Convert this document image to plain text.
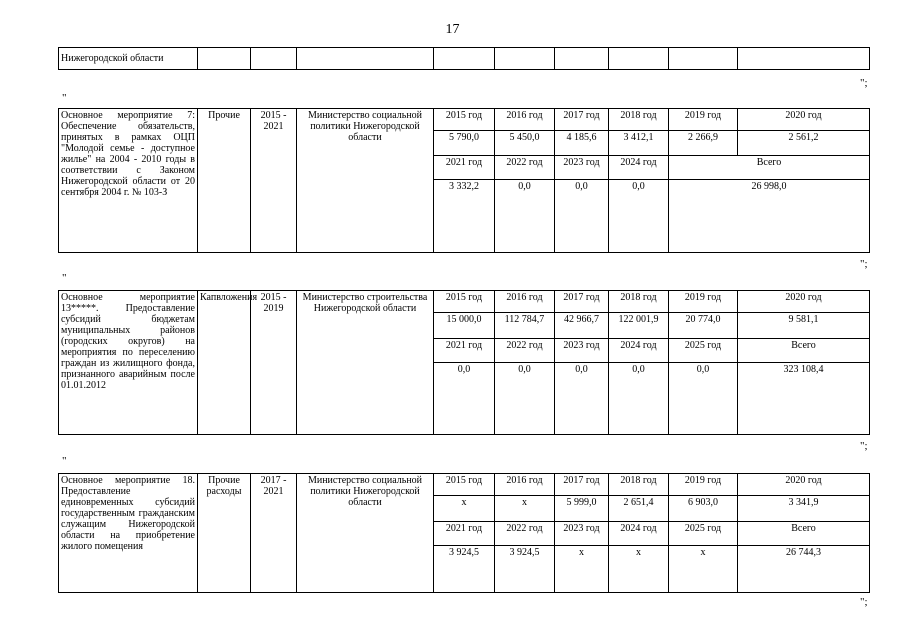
17
Нижегородской области									
";
"
Основное мероприятие 7: Обеспечение обязательств, принятых в рамках ОЦП "Молодой семье - доступное жилье" на 2004 - 2010 годы в соответствии с Законом Нижегородской области от 20 сентября 2004 г. № 103-З	Прочие	2015 - 2021	Министерство социальной политики Нижегородской области	2015 год	2016 год	2017 год	2018 год	2019 год	2020 год
				5 790,0	5 450,0	4 185,6	3 412,1	2 266,9	2 561,2
				2021 год	2022 год	2023 год	2024 год	Всего	
				3 332,2	0,0	0,0	0,0	26 998,0	
";
"
Основное мероприятие 13*****. Предоставление субсидий бюджетам муниципальных районов (городских округов) на мероприятия по переселению граждан из жилищного фонда, признанного аварийным после 01.01.2012	Капвложения	2015 - 2019	Министерство строительства Нижегородской области	2015 год	2016 год	2017 год	2018 год	2019 год	2020 год
				15 000,0	112 784,7	42 966,7	122 001,9	20 774,0	9 581,1
				2021 год	2022 год	2023 год	2024 год	2025 год	Всего
				0,0	0,0	0,0	0,0	0,0	323 108,4
";
"
Основное мероприятие 18. Предоставление единовременных субсидий государственным гражданским служащим Нижегородской области на приобретение жилого помещения	Прочие расходы	2017 - 2021	Министерство социальной политики Нижегородской области	2015 год	2016 год	2017 год	2018 год	2019 год	2020 год
				х	х	5 999,0	2 651,4	6 903,0	3 341,9
				2021 год	2022 год	2023 год	2024 год	2025 год	Всего
				3 924,5	3 924,5	х	х	х	26 744,3
";
